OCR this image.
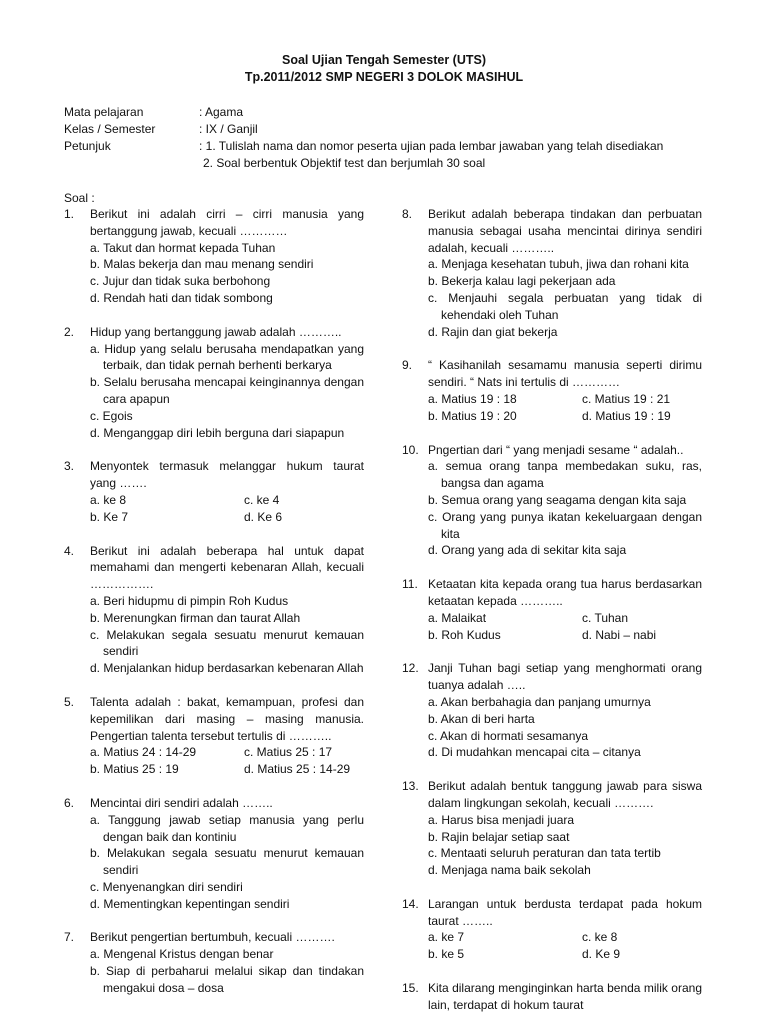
Soal Ujian Tengah Semester (UTS)
Tp.2011/2012 SMP NEGERI 3 DOLOK MASIHUL
Mata pelajaran	: Agama
Kelas / Semester	: IX / Ganjil
Petunjuk	: 1. Tulislah nama dan nomor peserta ujian pada lembar jawaban yang telah disediakan
2. Soal berbentuk Objektif test dan berjumlah 30 soal
Soal :
1.	Berikut ini adalah cirri – cirri manusia yang bertanggung jawab, kecuali …………
a. Takut dan hormat kepada Tuhan
b. Malas bekerja dan mau menang sendiri
c. Jujur dan tidak suka berbohong
d. Rendah hati dan tidak sombong
2.	Hidup yang bertanggung jawab adalah ………..
a. Hidup yang selalu berusaha mendapatkan yang terbaik, dan tidak pernah berhenti berkarya
b. Selalu berusaha mencapai keinginannya dengan cara apapun
c. Egois
d. Menganggap diri lebih berguna dari siapapun
3.	Menyontek termasuk melanggar hukum taurat yang …….
a. ke 8	c. ke 4
b. Ke 7	d. Ke 6
4.	Berikut ini adalah beberapa hal untuk dapat memahami dan mengerti kebenaran Allah, kecuali …………….
a. Beri hidupmu di pimpin Roh Kudus
b. Merenungkan firman dan taurat Allah
c. Melakukan segala sesuatu menurut kemauan sendiri
d. Menjalankan hidup berdasarkan kebenaran Allah
5.	Talenta adalah : bakat, kemampuan, profesi dan kepemilikan dari masing – masing manusia. Pengertian talenta tersebut tertulis di ………..
a. Matius 24 : 14-29	c. Matius 25 : 17
b. Matius 25 : 19	d. Matius 25 : 14-29
6.	Mencintai diri sendiri adalah ……..
a. Tanggung jawab setiap manusia yang perlu dengan baik dan kontiniu
b. Melakukan segala sesuatu menurut kemauan sendiri
c. Menyenangkan diri sendiri
d. Mementingkan kepentingan sendiri
7.	Berikut pengertian bertumbuh, kecuali ……….
a. Mengenal Kristus dengan benar
b. Siap di perbaharui melalui sikap dan tindakan mengakui dosa – dosa
8.	Berikut adalah beberapa tindakan dan perbuatan manusia sebagai usaha mencintai dirinya sendiri adalah, kecuali ………..
a. Menjaga kesehatan tubuh, jiwa dan rohani kita
b. Bekerja kalau lagi pekerjaan ada
c. Menjauhi segala perbuatan yang tidak di kehendaki oleh Tuhan
d. Rajin dan giat bekerja
9.	“ Kasihanilah sesamamu manusia seperti dirimu sendiri. “ Nats ini tertulis di …………
a. Matius 19 : 18	c. Matius 19 : 21
b. Matius 19 : 20	d. Matius 19 : 19
10. Pngertian dari “ yang menjadi sesame “ adalah..
a. semua orang tanpa membedakan suku, ras, bangsa dan agama
b. Semua orang yang seagama dengan kita saja
c. Orang yang punya ikatan kekeluargaan dengan kita
d. Orang yang ada di sekitar kita saja
11. Ketaatan kita kepada orang tua harus berdasarkan ketaatan kepada ………..
a. Malaikat	c. Tuhan
b. Roh Kudus	d. Nabi – nabi
12. Janji Tuhan bagi setiap yang menghormati orang tuanya adalah …..
a. Akan berbahagia dan panjang umurnya
b. Akan di beri harta
c. Akan di hormati sesamanya
d. Di mudahkan mencapai cita – citanya
13. Berikut adalah bentuk tanggung jawab para siswa dalam lingkungan sekolah, kecuali ……….
a. Harus bisa menjadi juara
b. Rajin belajar setiap saat
c. Mentaati seluruh peraturan dan tata tertib
d. Menjaga nama baik sekolah
14. Larangan untuk berdusta terdapat pada hokum taurat ……..
a. ke 7	c. ke 8
b. ke 5	d. Ke 9
15. Kita dilarang menginginkan harta benda milik orang lain, terdapat di hokum taurat
